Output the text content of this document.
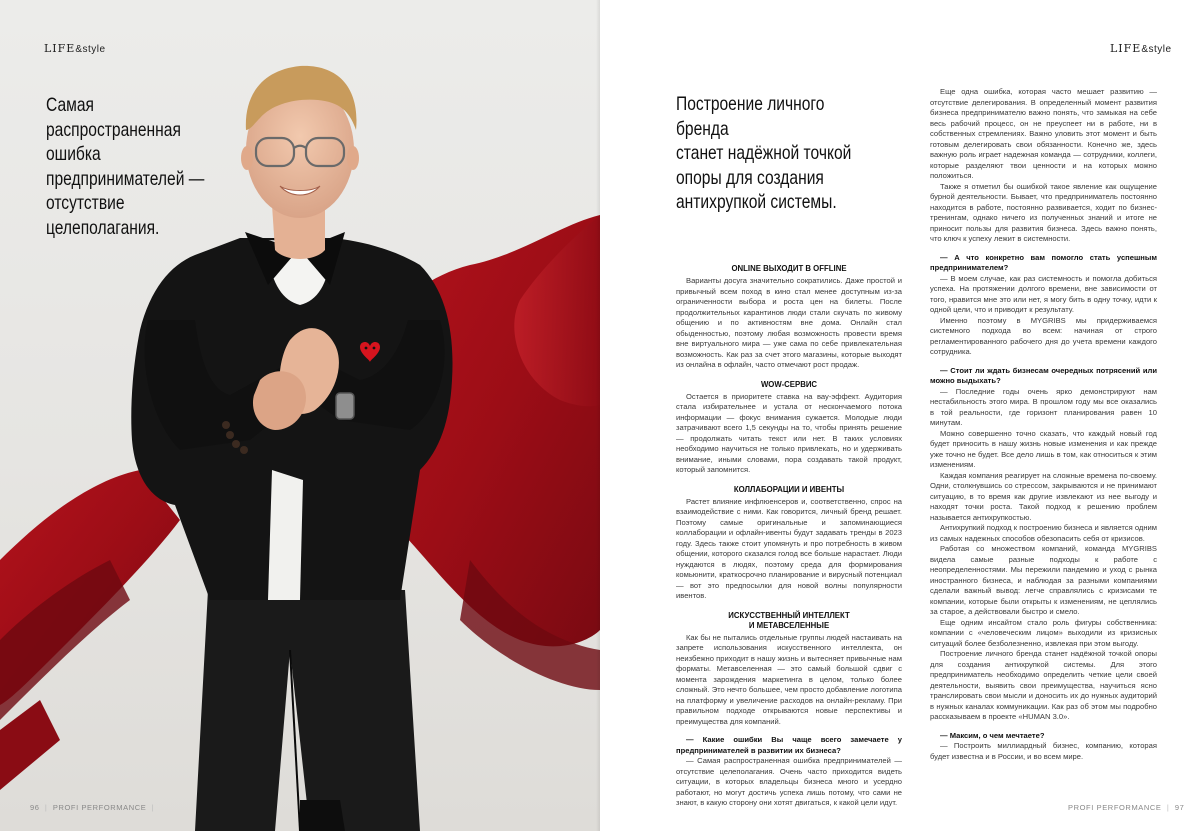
LIFE&style
Самая
распространенная
ошибка
предпринимателей —
отсутствие
целеполагания.
96  |  PROFI PERFORMANCE  |
LIFE&style
Построение личного бренда
станет надёжной точкой
опоры для создания
антихрупкой системы.
ONLINE ВЫХОДИТ В OFFLINE

Варианты досуга значительно сократились. Даже простой и привычный всем поход в кино стал менее доступным из-за ограниченности выбора и роста цен на билеты. После продолжительных карантинов люди стали скучать по живому общению и по активностям вне дома. Онлайн стал обыденностью, поэтому любая возможность провести время вне виртуального мира — уже сама по себе привлекательная возможность. Как раз за счет этого магазины, которые выходят из онлайна в офлайн, часто отмечают рост продаж.

WOW-СЕРВИС

Остается в приоритете ставка на вау-эффект. Аудитория стала избирательнее и устала от нескончаемого потока информации — фокус внимания сужается. Молодые люди затрачивают всего 1,5 секунды на то, чтобы принять решение — продолжать читать текст или нет. В таких условиях необходимо научиться не только привлекать, но и удерживать внимание, иными словами, пора создавать такой продукт, который запомнится.

КОЛЛАБОРАЦИИ И ИВЕНТЫ

Растет влияние инфлюенсеров и, соответственно, спрос на взаимодействие с ними. Как говорится, личный бренд решает. Поэтому самые оригинальные и запоминающиеся коллаборации и офлайн-ивенты будут задавать тренды в 2023 году. Здесь также стоит упомянуть и про потребность в живом общении, которого сказался голод все больше нарастает. Люди нуждаются в людях, поэтому среда для формирования комьюнити, краткосрочно планирование и вирусный потенциал — вот это предпосылки для новой волны популярности ивентов.

ИСКУССТВЕННЫЙ ИНТЕЛЛЕКТ
И МЕТАВСЕЛЕННЫЕ

Как бы не пытались отдельные группы людей настаивать на запрете использования искусственного интеллекта, он неизбежно приходит в нашу жизнь и вытесняет привычные нам форматы. Метавселенная — это самый большой сдвиг с момента зарождения маркетинга в целом, только более сложный. Это нечто большее, чем просто добавление логотипа на платформу и увеличение расходов на онлайн-рекламу. При правильном подходе открываются новые перспективы и преимущества для компаний.

— Какие ошибки Вы чаще всего замечаете у предпринимателей в развитии их бизнеса?

— Самая распространенная ошибка предпринимателей — отсутствие целеполагания. Очень часто приходится видеть ситуации, в которых владельцы бизнеса много и усердно работают, но могут достичь успеха лишь потому, что сами не знают, в какую сторону они хотят двигаться, к какой цели идут.

Еще одна ошибка, которая часто мешает развитию — отсутствие делегирования. В определенный момент развития бизнеса предпринимателю важно понять, что замыкая на себе весь рабочий процесс, он не преуспеет ни в работе, ни в собственных стремлениях. Важно уловить этот момент и быть готовым делегировать свои обязанности. Конечно же, здесь важную роль играет надежная команда — сотрудники, коллеги, которые разделяют твои ценности и на которых можно положиться.

Также я отметил бы ошибкой такое явление как ощущение бурной деятельности. Бывает, что предприниматель постоянно находится в работе, постоянно развивается, ходит по бизнес-тренингам, однако ничего из полученных знаний и итоге не приносит пользы для развития бизнеса. Здесь важно понять, что ключ к успеху лежит в системности.

— А что конкретно вам помогло стать успешным предпринимателем?

— В моем случае, как раз системность и помогла добиться успеха. На протяжении долгого времени, вне зависимости от того, нравится мне это или нет, я могу бить в одну точку, идти к одной цели, что и приводит к результату.

Именно поэтому в MYGRIBS мы придерживаемся системного подхода во всем: начиная от строго регламентированного рабочего дня до учета времени каждого сотрудника.

— Стоит ли ждать бизнесам очередных потрясений или можно выдыхать?

— Последние годы очень ярко демонстрируют нам нестабильность этого мира. В прошлом году мы все оказались в той реальности, где горизонт планирования равен 10 минутам.

Можно совершенно точно сказать, что каждый новый год будет приносить в нашу жизнь новые изменения и как прежде уже точно не будет. Все дело лишь в том, как относиться к этим изменениям.

Каждая компания реагирует на сложные времена по-своему. Одни, столкнувшись со стрессом, закрываются и не принимают ситуацию, в то время как другие извлекают из нее выгоду и находят точки роста. Такой подход к решению проблем называется антихрупкостью.

Антихрупкий подход к построению бизнеса и является одним из самых надежных способов обезопасить себя от кризисов.

Работая со множеством компаний, команда MYGRIBS видела самые разные подходы к работе с неопределенностями. Мы пережили пандемию и уход с рынка иностранного бизнеса, и наблюдая за разными компаниями сделали важный вывод: легче справлялись с кризисами те компании, которые были открыты к изменениям, не цеплялись за старое, а действовали быстро и смело.

Еще одним инсайтом стало роль фигуры собственника: компании с «человеческим лицом» выходили из кризисных ситуаций более безболезненно, извлекая при этом выгоду.

Построение личного бренда станет надёжной точкой опоры для создания антихрупкой системы. Для этого предприниматель необходимо определить четкие цели своей деятельности, выявить свои преимущества, научиться ясно транслировать свои мысли и доносить их до нужных аудиторий в нужных каналах коммуникации. Как раз об этом мы подробно рассказываем в проекте «HUMAN 3.0».

— Максим, о чем мечтаете?

— Построить миллиардный бизнес, компанию, которая будет известна и в России, и во всем мире.

PROFI PERFORMANCE  |  97
